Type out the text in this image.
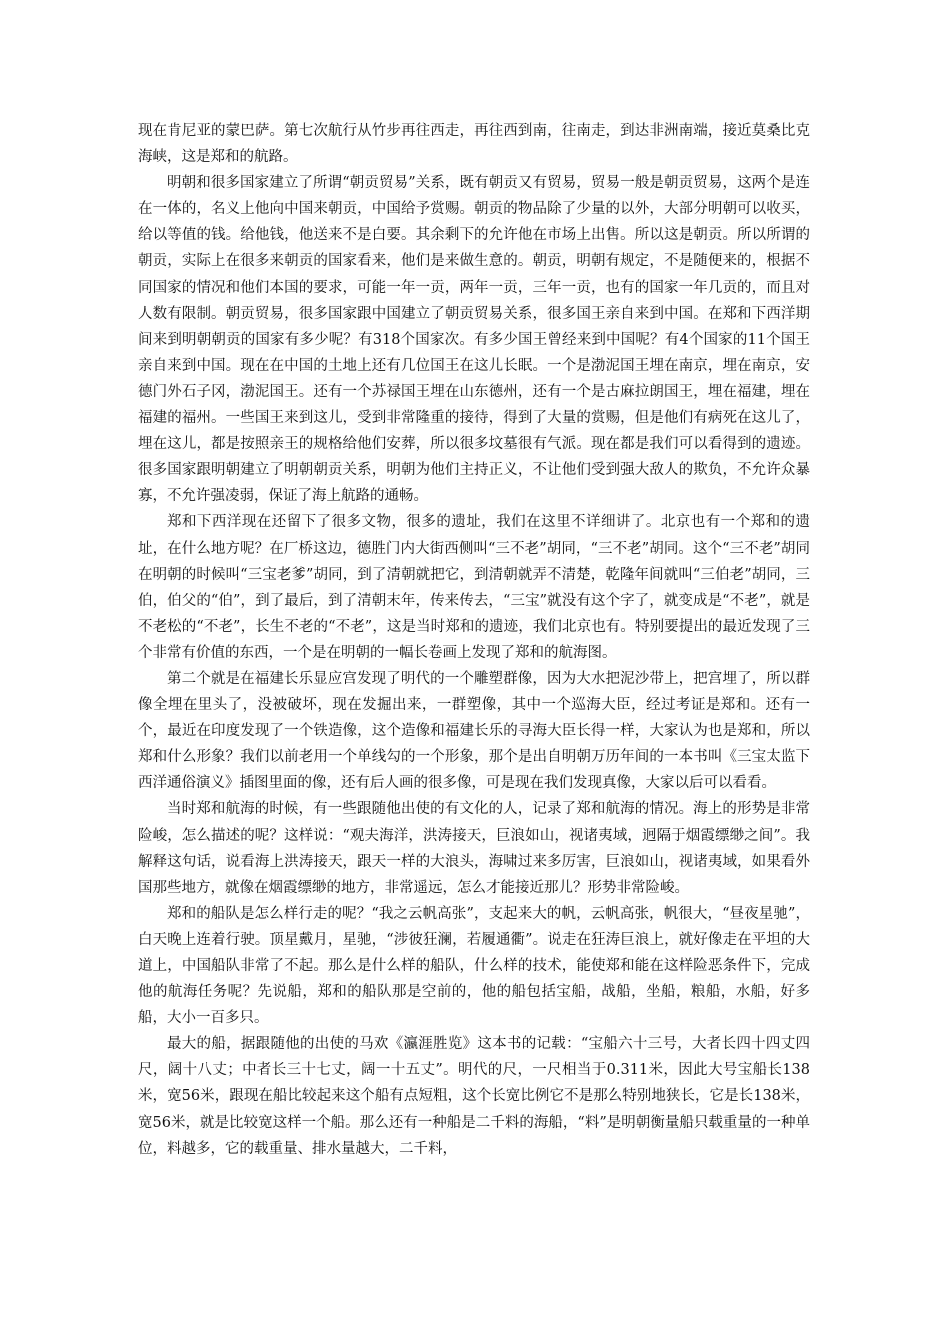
现在肯尼亚的蒙巴萨。第七次航行从竹步再往西走，再往西到南，往南走，到达非洲南端，接近莫桑比克海峡，这是郑和的航路。

明朝和很多国家建立了所谓“朝贡贸易”关系，既有朝贡又有贸易，贸易一般是朝贡贸易，这两个是连在一体的，名义上他向中国来朝贡，中国给予赏赐。朝贡的物品除了少量的以外，大部分明朝可以收买，给以等值的钱。给他钱，他送来不是白要。其余剩下的允许他在市场上出售。所以这是朝贡。所以所谓的朝贡，实际上在很多来朝贡的国家看来，他们是来做生意的。朝贡，明朝有规定，不是随便来的，根据不同国家的情况和他们本国的要求，可能一年一贡，两年一贡，三年一贡，也有的国家一年几贡的，而且对人数有限制。朝贡贸易，很多国家跟中国建立了朝贡贸易关系，很多国王亲自来到中国。在郑和下西洋期间来到明朝朝贡的国家有多少呢？有318个国家次。有多少国王曾经来到中国呢？有4个国家的11个国王亲自来到中国。现在在中国的土地上还有几位国王在这儿长眠。一个是渤泥国王埋在南京，埋在南京，安德门外石子冈，渤泥国王。还有一个苏禄国王埋在山东德州，还有一个是古麻拉朗国王，埋在福建，埋在福建的福州。一些国王来到这儿，受到非常隆重的接待，得到了大量的赏赐，但是他们有病死在这儿了，埋在这儿，都是按照亲王的规格给他们安葬，所以很多坟墓很有气派。现在都是我们可以看得到的遗迹。很多国家跟明朝建立了明朝朝贡关系，明朝为他们主持正义，不让他们受到强大敌人的欺负，不允许众暴寡，不允许强凌弱，保证了海上航路的通畅。

郑和下西洋现在还留下了很多文物，很多的遗址，我们在这里不详细讲了。北京也有一个郑和的遗址，在什么地方呢？在厂桥这边，德胜门内大街西侧叫“三不老”胡同，“三不老”胡同。这个“三不老”胡同在明朝的时候叫“三宝老爹”胡同，到了清朝就把它，到清朝就弄不清楚，乾隆年间就叫“三伯老”胡同，三伯，伯父的“伯”，到了最后，到了清朝末年，传来传去，“三宝”就没有这个字了，就变成是“不老”，就是不老松的“不老”，长生不老的“不老”，这是当时郑和的遗迹，我们北京也有。特别要提出的最近发现了三个非常有价值的东西，一个是在明朝的一幅长卷画上发现了郑和的航海图。

第二个就是在福建长乐显应宫发现了明代的一个雕塑群像，因为大水把泥沙带上，把宫埋了，所以群像全埋在里头了，没被破坏，现在发掘出来，一群塑像，其中一个巡海大臣，经过考证是郑和。还有一个，最近在印度发现了一个铁造像，这个造像和福建长乐的寻海大臣长得一样，大家认为也是郑和，所以郑和什么形象？我们以前老用一个单线勾的一个形象，那个是出自明朝万历年间的一本书叫《三宝太监下西洋通俗演义》插图里面的像，还有后人画的很多像，可是现在我们发现真像，大家以后可以看看。

当时郑和航海的时候，有一些跟随他出使的有文化的人，记录了郑和航海的情况。海上的形势是非常险峻，怎么描述的呢？这样说：“观夫海洋，洪涛接天，巨浪如山，视诸夷域，迥隔于烟霞缥缈之间”。我解释这句话，说看海上洪涛接天，跟天一样的大浪头，海啸过来多厉害，巨浪如山，视诸夷域，如果看外国那些地方，就像在烟霞缥缈的地方，非常遥远，怎么才能接近那儿？形势非常险峻。

郑和的船队是怎么样行走的呢？“我之云帆高张”，支起来大的帆，云帆高张，帆很大，“昼夜星驰”，白天晚上连着行驶。顶星戴月，星驰，“涉彼狂澜，若履通衢”。说走在狂涛巨浪上，就好像走在平坦的大道上，中国船队非常了不起。那么是什么样的船队，什么样的技术，能使郑和能在这样险恶条件下，完成他的航海任务呢？先说船，郑和的船队那是空前的，他的船包括宝船，战船，坐船，粮船，水船，好多船，大小一百多只。

最大的船，据跟随他的出使的马欢《瀛涯胜览》这本书的记载：“宝船六十三号，大者长四十四丈四尺，阔十八丈；中者长三十七丈，阔一十五丈”。明代的尺，一尺相当于0.311米，因此大号宝船长138米，宽56米，跟现在船比较起来这个船有点短粗，这个长宽比例它不是那么特别地狭长，它是长138米，宽56米，就是比较宽这样一个船。那么还有一种船是二千料的海船，“料”是明朝衡量船只载重量的一种单位，料越多，它的载重量、排水量越大，二千料，
